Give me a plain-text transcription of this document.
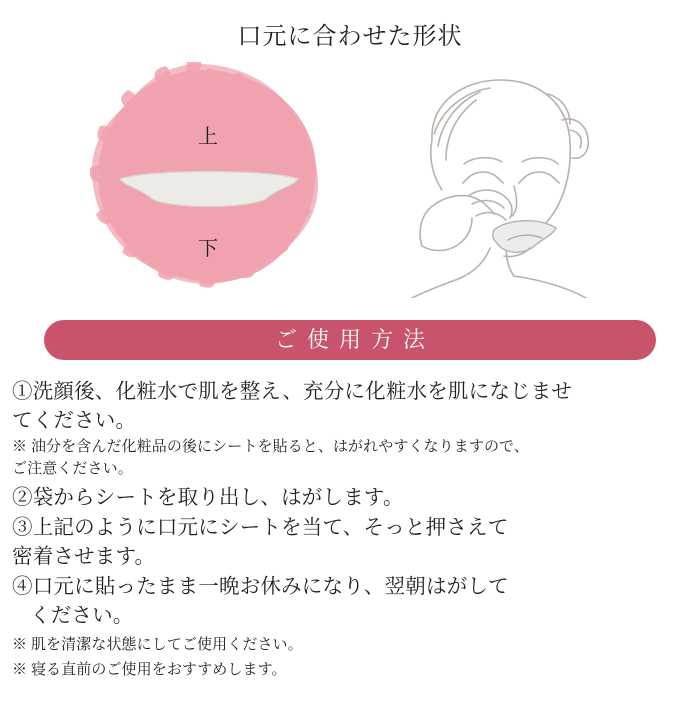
口元に合わせた形状
上
下
ご使用方法

①洗顔後、化粧水で肌を整え、充分に化粧水を肌になじませ
てください。

※ 油分を含んだ化粧品の後にシートを貼ると、はがれやすくなりますので、
ご注意ください。

②袋からシートを取り出し、はがします。

③上記のように口元にシートを当て、そっと押さえて
密着させます。

④口元に貼ったまま一晩お休みになり、翌朝はがして

ください。

※ 肌を清潔な状態にしてご使用ください。

※ 寝る直前のご使用をおすすめします。
